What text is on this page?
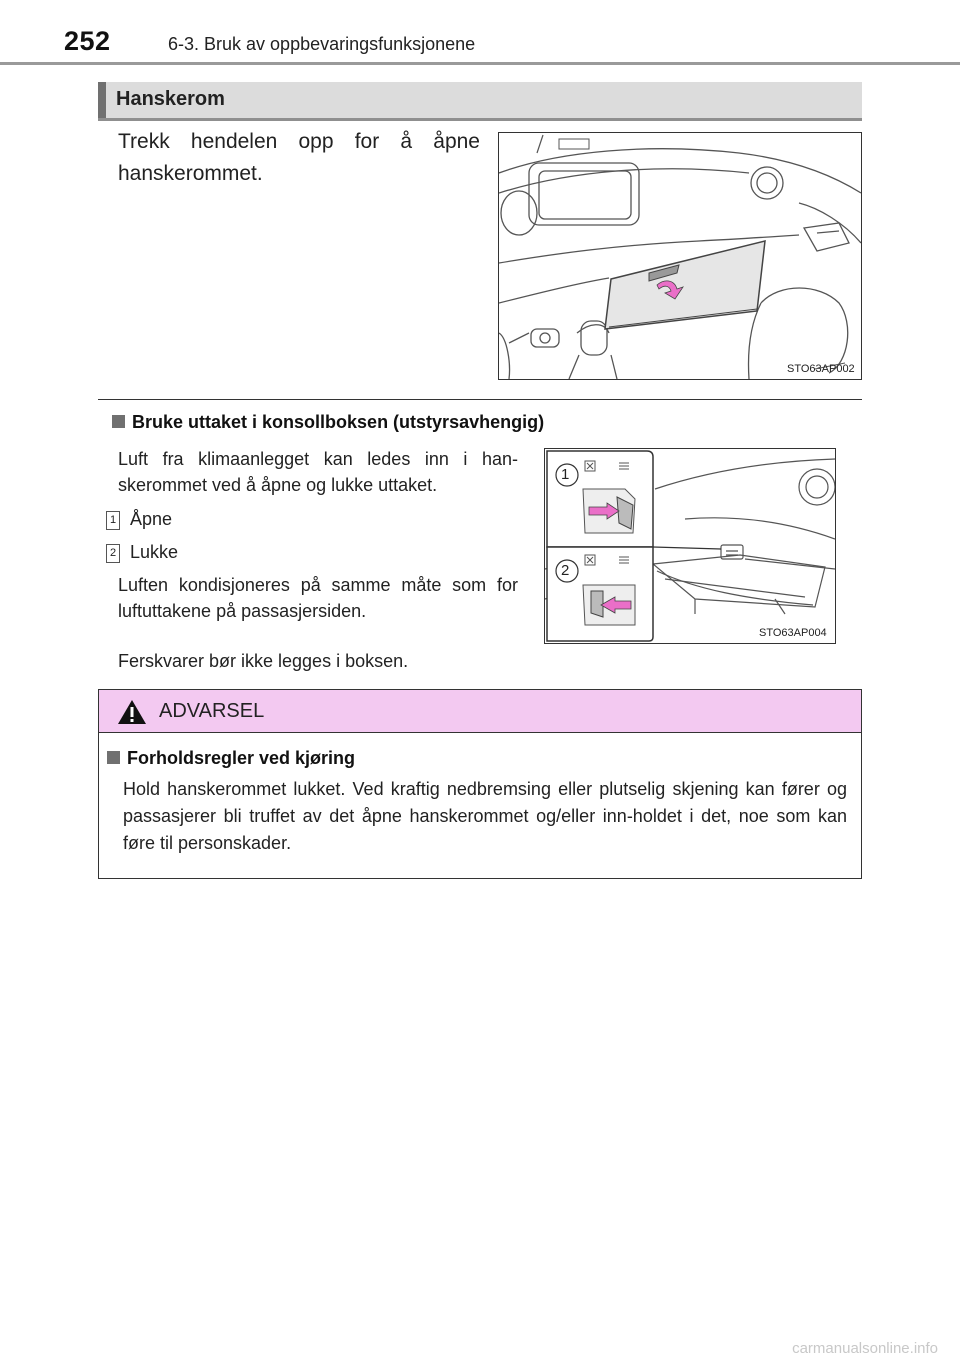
252	6-3. Bruk av oppbevaringsfunksjonene
Hanskerom
Trekk hendelen opp for å åpne hanskerommet.
STO63AP002
Bruke uttaket i konsollboksen (utstyrsavhengig)
Luft fra klimaanlegget kan ledes inn i han-skerommet ved å åpne og lukke uttaket.
1 Åpne
2 Lukke
Luften kondisjoneres på samme måte som for luftuttakene på passasjersiden.
Ferskvarer bør ikke legges i boksen.
1
2
STO63AP004
ADVARSEL
Forholdsregler ved kjøring
Hold hanskerommet lukket. Ved kraftig nedbremsing eller plutselig skjening kan fører og passasjerer bli truffet av det åpne hanskerommet og/eller inn-holdet i det, noe som kan føre til personskader.
carmanualsonline.info
